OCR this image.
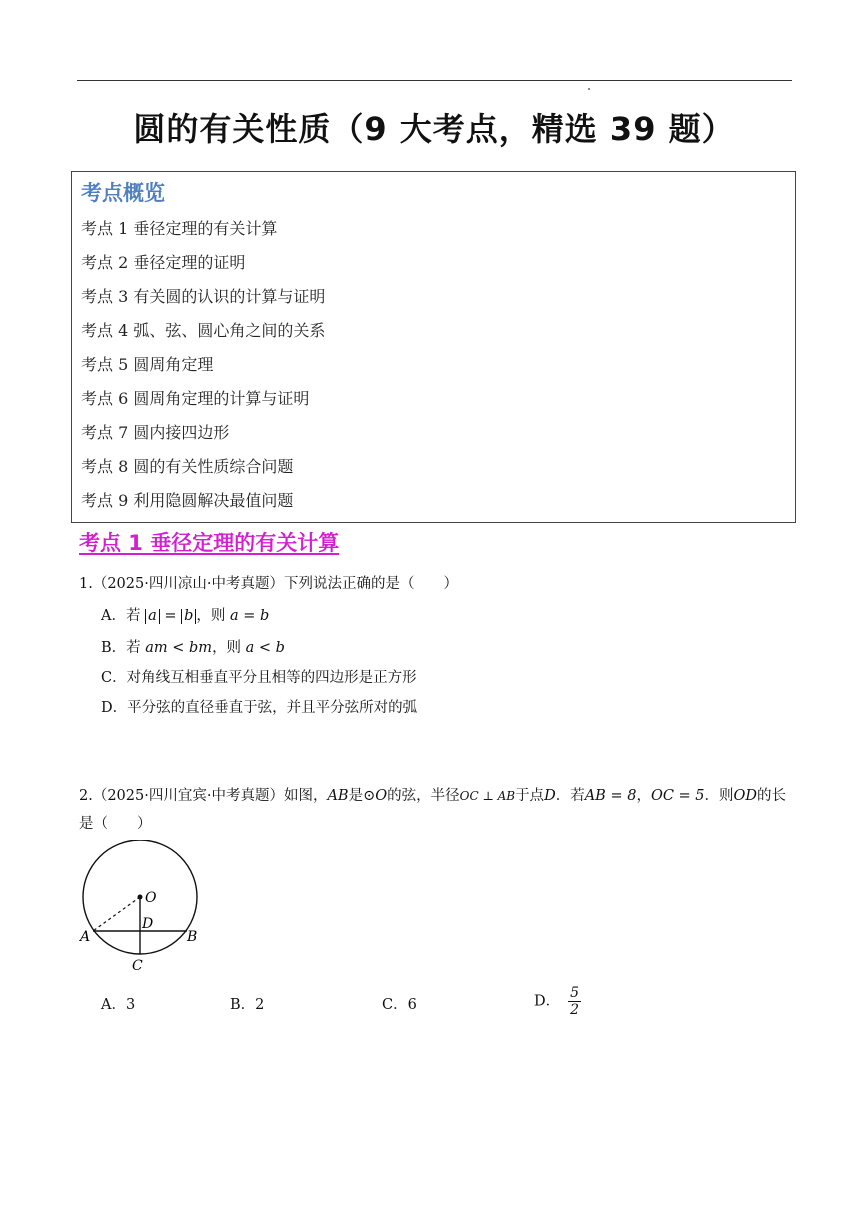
圆的有关性质（9 大考点，精选 39 题）
考点概览
考点 1 垂径定理的有关计算
考点 2 垂径定理的证明
考点 3 有关圆的认识的计算与证明
考点 4 弧、弦、圆心角之间的关系
考点 5 圆周角定理
考点 6 圆周角定理的计算与证明
考点 7 圆内接四边形
考点 8 圆的有关性质综合问题
考点 9 利用隐圆解决最值问题
考点 1 垂径定理的有关计算
1.（2025·四川凉山·中考真题）下列说法正确的是（　　）
A．若 a = b ，则 a = b
B．若 am < bm，则 a < b
C．对角线互相垂直平分且相等的四边形是正方形
D．平分弦的直径垂直于弦，并且平分弦所对的弧
2.（2025·四川宜宾·中考真题）如图，AB是⊙O的弦，半径OC ⊥ AB于点D．若AB = 8，OC = 5．则OD的长是（　　）
O
D
A	B
C
A．3	B．2	C．6	D． $\frac{5}{2}$
